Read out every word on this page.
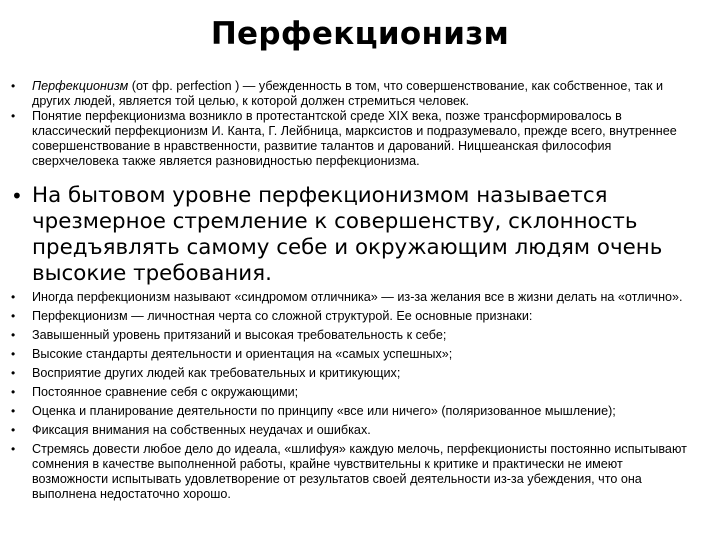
Перфекционизм
• Перфекционизм (от фр. perfection ) — убежденность в том, что совершенствование, как собственное, так и других людей, является той целью, к которой должен стремиться человек.
• Понятие перфекционизма возникло в протестантской среде XIX века, позже трансформировалось в классический перфекционизм И. Канта, Г. Лейбница, марксистов и подразумевало, прежде всего, внутреннее совершенствование в нравственности, развитие талантов и дарований. Ницшеанская философия сверхчеловека также является разновидностью перфекционизма.
• На бытовом уровне перфекционизмом называется чрезмерное стремление к совершенству, склонность предъявлять самому себе и окружающим людям очень высокие требования.
• Иногда перфекционизм называют «синдромом отличника» — из-за желания все в жизни делать на «отлично».
• Перфекционизм — личностная черта со сложной структурой. Ее основные признаки:
• Завышенный уровень притязаний и высокая требовательность к себе;
• Высокие стандарты деятельности и ориентация на «самых успешных»;
• Восприятие других людей как требовательных и критикующих;
• Постоянное сравнение себя с окружающими;
• Оценка и планирование деятельности по принципу «все или ничего» (поляризованное мышление);
• Фиксация внимания на собственных неудачах и ошибках.
• Стремясь довести любое дело до идеала, «шлифуя» каждую мелочь, перфекционисты постоянно испытывают сомнения в качестве выполненной работы, крайне чувствительны к критике и практически не имеют возможности испытывать удовлетворение от результатов своей деятельности из-за убеждения, что она выполнена недостаточно хорошо.
